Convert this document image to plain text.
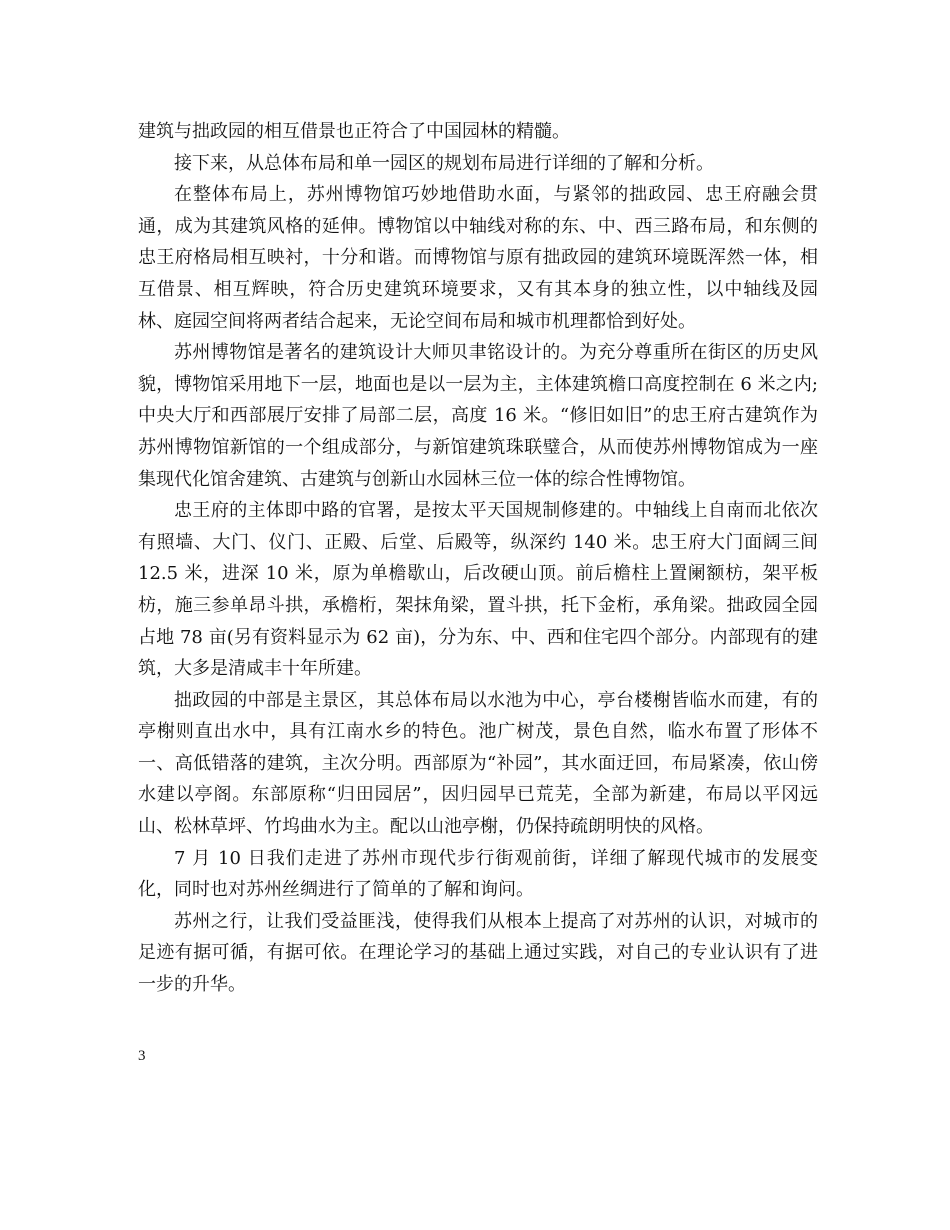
建筑与拙政园的相互借景也正符合了中国园林的精髓。

接下来，从总体布局和单一园区的规划布局进行详细的了解和分析。

在整体布局上，苏州博物馆巧妙地借助水面，与紧邻的拙政园、忠王府融会贯通，成为其建筑风格的延伸。博物馆以中轴线对称的东、中、西三路布局，和东侧的忠王府格局相互映衬，十分和谐。而博物馆与原有拙政园的建筑环境既浑然一体，相互借景、相互辉映，符合历史建筑环境要求，又有其本身的独立性，以中轴线及园林、庭园空间将两者结合起来，无论空间布局和城市机理都恰到好处。

苏州博物馆是著名的建筑设计大师贝聿铭设计的。为充分尊重所在街区的历史风貌，博物馆采用地下一层，地面也是以一层为主，主体建筑檐口高度控制在 6 米之内;中央大厅和西部展厅安排了局部二层，高度 16 米。“修旧如旧”的忠王府古建筑作为苏州博物馆新馆的一个组成部分，与新馆建筑珠联璧合，从而使苏州博物馆成为一座集现代化馆舍建筑、古建筑与创新山水园林三位一体的综合性博物馆。

忠王府的主体即中路的官署，是按太平天国规制修建的。中轴线上自南而北依次有照墙、大门、仪门、正殿、后堂、后殿等，纵深约 140 米。忠王府大门面阔三间 12.5 米，进深 10 米，原为单檐歇山，后改硬山顶。前后檐柱上置阑额枋，架平板枋，施三参单昂斗拱，承檐桁，架抹角梁，置斗拱，托下金桁，承角梁。拙政园全园占地 78 亩(另有资料显示为 62 亩)，分为东、中、西和住宅四个部分。内部现有的建筑，大多是清咸丰十年所建。

拙政园的中部是主景区，其总体布局以水池为中心，亭台楼榭皆临水而建，有的亭榭则直出水中，具有江南水乡的特色。池广树茂，景色自然，临水布置了形体不一、高低错落的建筑，主次分明。西部原为“补园”，其水面迂回，布局紧凑，依山傍水建以亭阁。东部原称“归田园居”，因归园早已荒芜，全部为新建，布局以平冈远山、松林草坪、竹坞曲水为主。配以山池亭榭，仍保持疏朗明快的风格。

7 月 10 日我们走进了苏州市现代步行街观前街，详细了解现代城市的发展变化，同时也对苏州丝绸进行了简单的了解和询问。

苏州之行，让我们受益匪浅，使得我们从根本上提高了对苏州的认识，对城市的足迹有据可循，有据可依。在理论学习的基础上通过实践，对自己的专业认识有了进一步的升华。

3
